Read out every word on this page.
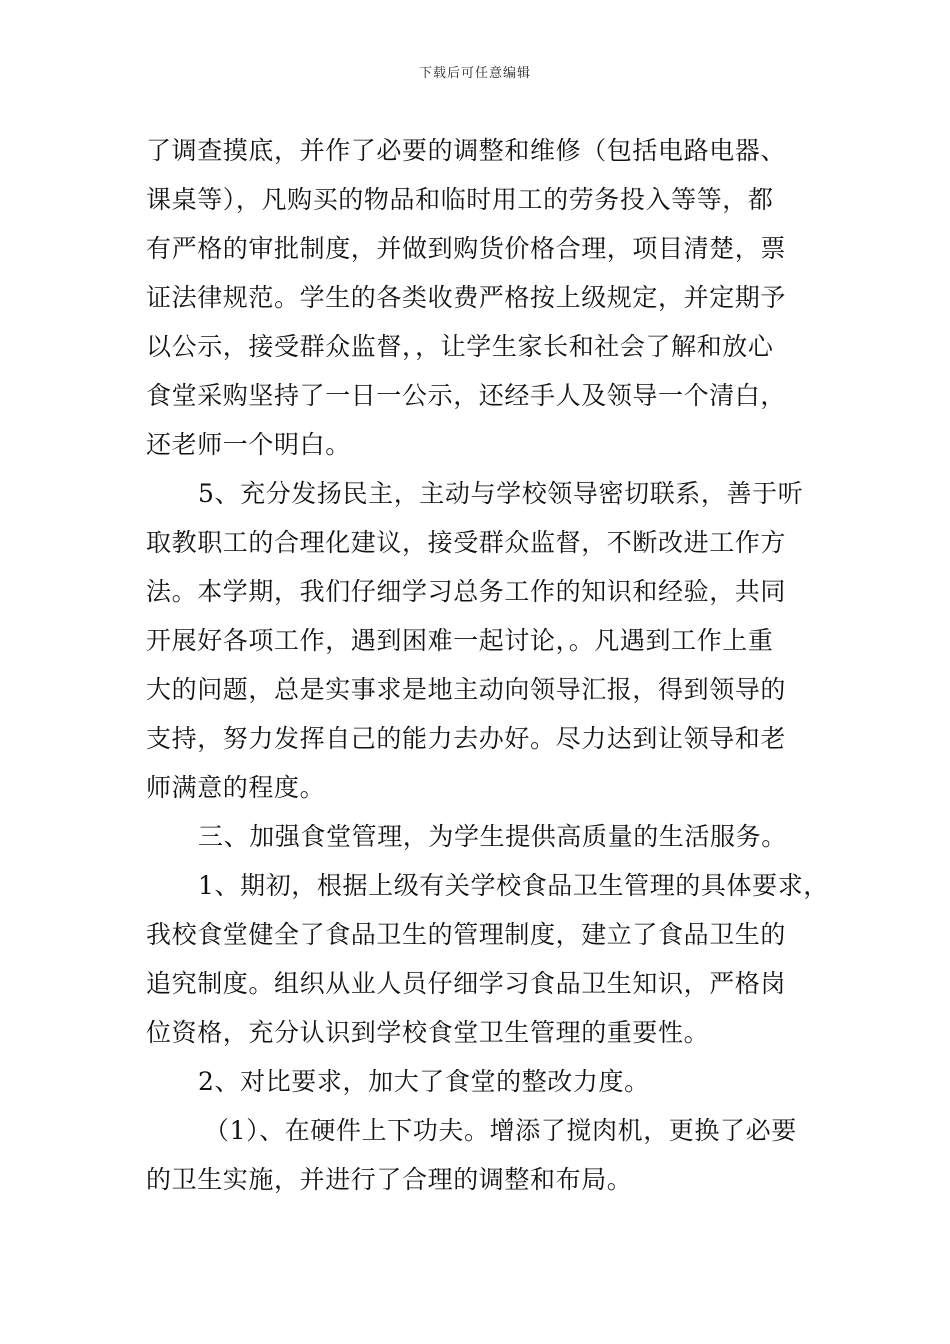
下载后可任意编辑
了调查摸底，并作了必要的调整和维修（包括电路电器、
课桌等），凡购买的物品和临时用工的劳务投入等等，都
有严格的审批制度，并做到购货价格合理，项目清楚，票
证法律规范。学生的各类收费严格按上级规定，并定期予
以公示，接受群众监督，，让学生家长和社会了解和放心
食堂采购坚持了一日一公示，还经手人及领导一个清白，
还老师一个明白。
5、充分发扬民主，主动与学校领导密切联系，善于听
取教职工的合理化建议，接受群众监督，不断改进工作方
法。本学期，我们仔细学习总务工作的知识和经验，共同
开展好各项工作，遇到困难一起讨论，。凡遇到工作上重
大的问题，总是实事求是地主动向领导汇报，得到领导的
支持，努力发挥自己的能力去办好。尽力达到让领导和老
师满意的程度。
三、加强食堂管理，为学生提供高质量的生活服务。
1、期初，根据上级有关学校食品卫生管理的具体要求，
我校食堂健全了食品卫生的管理制度，建立了食品卫生的
追究制度。组织从业人员仔细学习食品卫生知识，严格岗
位资格，充分认识到学校食堂卫生管理的重要性。
2、对比要求，加大了食堂的整改力度。
（1）、在硬件上下功夫。增添了搅肉机，更换了必要
的卫生实施，并进行了合理的调整和布局。
